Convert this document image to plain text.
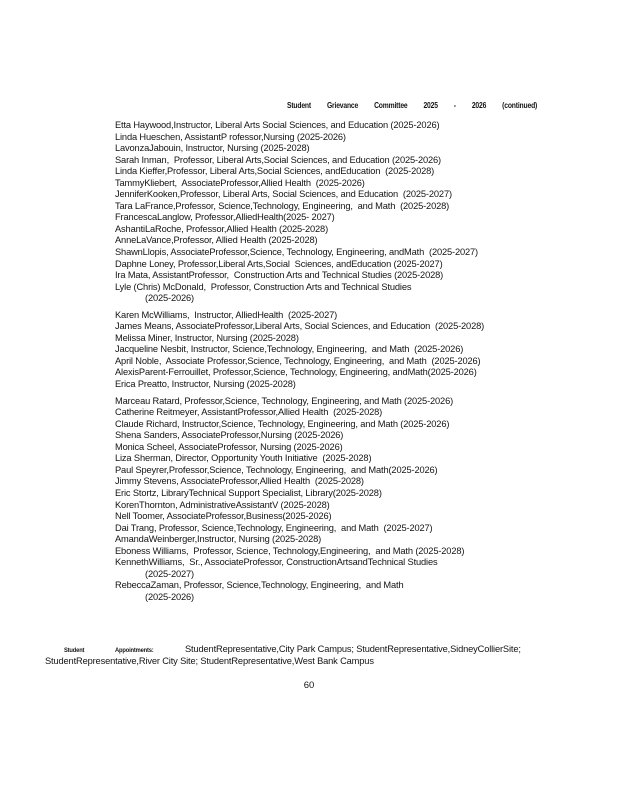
Student Grievance Committee 2025 - 2026 (continued)
Etta Haywood,Instructor, Liberal Arts Social Sciences, and Education (2025-2026)
Linda Hueschen, AssistantP rofessor,Nursing (2025-2026)
LavonzaJabouin, Instructor, Nursing (2025-2028)
Sarah Inman,  Professor, Liberal Arts,Social Sciences, and Education (2025-2026)
Linda Kieffer,Professor, Liberal Arts,Social Sciences, andEducation  (2025-2028)
TammyKliebert,  AssociateProfessor,Allied Health  (2025-2026)
JenniferKooken,Professor, Liberal Arts, Social Sciences, and Education  (2025-2027)
Tara LaFrance,Professor, Science,Technology, Engineering,  and Math  (2025-2028)
FrancescaLanglow, Professor,AlliedHealth(2025- 2027)
AshantiLaRoche, Professor,Allied Health (2025-2028)
AnneLaVance,Professor, Allied Health (2025-2028)
ShawnLlopis, AssociateProfessor,Science, Technology, Engineering, andMath  (2025-2027)
Daphne Loney, Professor,Liberal Arts,Social  Sciences, andEducation (2025-2027)
Ira Mata, AssistantProfessor,  Construction Arts and Technical Studies (2025-2028)
Lyle (Chris) McDonald,  Professor, Construction Arts and Technical Studies
(2025-2026)
Karen McWilliams,  Instructor, AlliedHealth  (2025-2027)
James Means, AssociateProfessor,Liberal Arts, Social Sciences, and Education  (2025-2028)
Melissa Miner, Instructor, Nursing (2025-2028)
Jacqueline Nesbit, Instructor, Science,Technology, Engineering,  and Math  (2025-2026)
April Noble,  Associate Professor,Science, Technology, Engineering,  and Math  (2025-2026)
AlexisParent-Ferrouillet, Professor,Science, Technology, Engineering, andMath(2025-2026)
Erica Preatto, Instructor, Nursing (2025-2028)
Marceau Ratard, Professor,Science, Technology, Engineering, and Math (2025-2026)
Catherine Reitmeyer, AssistantProfessor,Allied Health  (2025-2028)
Claude Richard, Instructor,Science, Technology, Engineering, and Math (2025-2026)
Shena Sanders, AssociateProfessor,Nursing (2025-2026)
Monica Scheel, AssociateProfessor, Nursing (2025-2026)
Liza Sherman, Director, Opportunity Youth Initiative  (2025-2028)
Paul Speyrer,Professor,Science, Technology, Engineering,  and Math(2025-2026)
Jimmy Stevens, AssociateProfessor,Allied Health  (2025-2028)
Eric Stortz, LibraryTechnical Support Specialist, Library(2025-2028)
KorenThornton, AdministrativeAssistantV (2025-2028)
Nell Toomer, AssociateProfessor,Business(2025-2026)
Dai Trang, Professor, Science,Technology, Engineering,  and Math  (2025-2027)
AmandaWeinberger,Instructor, Nursing (2025-2028)
Eboness Williams,  Professor, Science, Technology,Engineering,  and Math (2025-2028)
KennethWilliams,  Sr., AssociateProfessor, ConstructionArtsandTechnical Studies
(2025-2027)
RebeccaZaman, Professor, Science,Technology, Engineering,  and Math
(2025-2026)
Student	Appointments:	StudentRepresentative,City Park Campus; StudentRepresentative,SidneyCollierSite;
StudentRepresentative,River City Site; StudentRepresentative,West Bank Campus
60
